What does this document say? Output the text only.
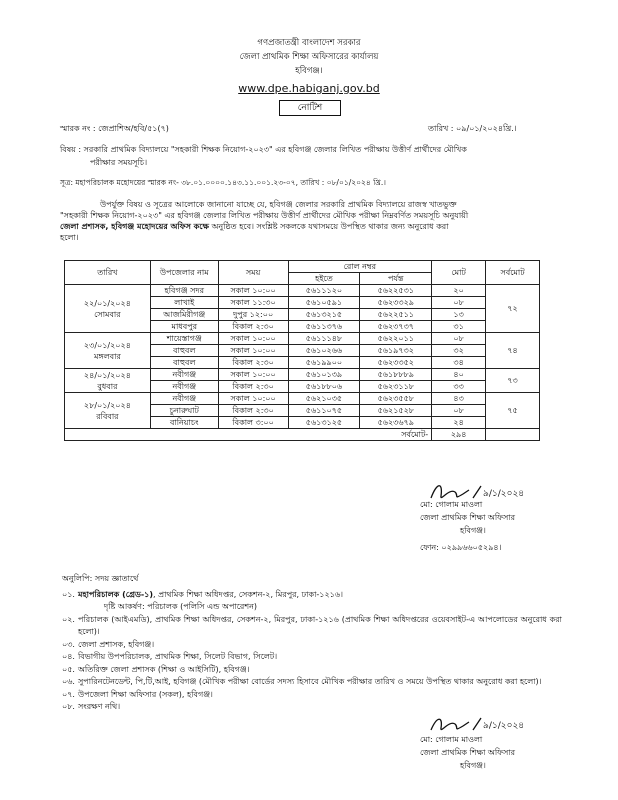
গণপ্রজাতন্ত্রী বাংলাদেশ সরকার
জেলা প্রাথমিক শিক্ষা অফিসারের কার্যালয়
হবিগঞ্জ।
www.dpe.habiganj.gov.bd
নোটিশ
স্মারক নং : জেপ্রাশিঅ/হবি/৫১(৭)	তারিখ : ০৯/০১/২০২৪খ্রি.।
বিষয় : সরকারি প্রাথমিক বিদ্যালয়ে "সহকারী শিক্ষক নিয়োগ-২০২৩" এর হবিগঞ্জ জেলার লিখিত পরীক্ষায় উত্তীর্ণ প্রার্থীদের মৌখিক
পরীক্ষার সময়সূচি।
সূত্র: মহাপরিচালক মহোদয়ের স্মারক নং- ৩৮.০১.০০০০.১৪৩.১১.০০১.২৩-০৭, তারিখ : ০৮/০১/২০২৪ খ্রি.।
উপর্যুক্ত বিষয় ও সূত্রের আলোকে জানানো যাচ্ছে যে, হবিগঞ্জ জেলার সরকারি প্রাথমিক বিদ্যালয়ে রাজস্ব খাতভুক্ত
"সহকারী শিক্ষক নিয়োগ-২০২৩" এর হবিগঞ্জ জেলার লিখিত পরীক্ষায় উত্তীর্ণ প্রার্থীদের মৌখিক পরীক্ষা নিম্নবর্ণিত সময়সূচি অনুযায়ী
জেলা প্রশাসক, হবিগঞ্জ মহোদয়ের অফিস কক্ষে অনুষ্ঠিত হবে। সংশ্লিষ্ট সকলকে যথাসময়ে উপস্থিত থাকার জন্য অনুরোধ করা
হলো।
তারিখ	উপজেলার নাম	সময়	রোল নম্বর		মোট	সর্বমোট
			হইতে	পর্যন্ত		

২২/০১/২০২৪
সোমবার	হবিগঞ্জ সদর	সকাল ১০:০০	৫৬১১১২০	৫৬২২৫৩১	২০	৭২
	লাখাই	সকাল ১১:৩০	৫৬১০৫৯১	৫৬২৩৩২৯	০৮	
	আজমিরীগঞ্জ	দুপুর ১২:০০	৫৬১৩২১৫	৫৬২২৫১১	১৩	
	মাধবপুর	বিকাল ২:৩০	৫৬১১৩৭৬	৫৬২৩৭৩৭	৩১	

২৩/০১/২০২৪
মঙ্গলবার	শায়েস্তাগঞ্জ	সকাল ১০:০০	৫৬১১১৪৮	৫৬২২০১১	০৮	৭৪
	বাহুবল	সকাল ১০:০০	৫৬১০২৬৬	৫৬১৯৭৩২	৩২	
	বাহুবল	বিকাল ২:৩০	৫৬১৯৯০০	৫৬২৩৩৫২	৩৪	

২৪/০১/২০২৪
বুধবার	নবীগঞ্জ	সকাল ১০:০০	৫৬১০১৩৯	৫৬১৮৮৮৯	৪০	৭৩
	নবীগঞ্জ	বিকাল ২:৩০	৫৬১৮৮০৬	৫৬২৩১১৮	৩৩	

২৮/০১/২০২৪
রবিবার	নবীগঞ্জ	সকাল ১০:০০	৫৬২১০৩৫	৫৬২৩৫৫৮	৪৩	৭৫
	চুনারুঘাট	বিকাল ২:৩০	৫৬১১০৭৫	৫৬২১৫২৮	০৮	
	বানিয়াচং	বিকাল ৩:০০	৫৬১৩১২৫	৫৬২৩৬৭৯	২৪	
সর্বমোট-					২৯৪	
৯/১/২০২৪
মো: গোলাম মাওলা
জেলা প্রাথমিক শিক্ষা অফিসার
হবিগঞ্জ।
ফোন: ০২৯৯৬৬০৫২৯৪।
অনুলিপি: সদয় জ্ঞাতার্থে
০১. মহাপরিচালক (গ্রেড-১), প্রাথমিক শিক্ষা অধিদপ্তর, সেকশন-২, মিরপুর, ঢাকা-১২১৬।
দৃষ্টি আকর্ষণ: পরিচালক (পলিসি এন্ড অপারেশন)
০২. পরিচালক (আইএমডি), প্রাথমিক শিক্ষা অধিদপ্তর, সেকশন-২, মিরপুর, ঢাকা-১২১৬ (প্রাথমিক শিক্ষা অধিদপ্তরের ওয়েবসাইট-এ আপলোডের অনুরোধ করা হলো)।
০৩. জেলা প্রশাসক, হবিগঞ্জ।
০৪. বিভাগীয় উপপরিচালক, প্রাথমিক শিক্ষা, সিলেট বিভাগ, সিলেট।
০৫. অতিরিক্ত জেলা প্রশাসক (শিক্ষা ও আইসিটি), হবিগঞ্জ।
০৬. সুপারিনটেনডেন্ট, পি,টি,আই, হবিগঞ্জ (মৌখিক পরীক্ষা বোর্ডের সদস্য হিসাবে মৌখিক পরীক্ষার তারিখ ও সময়ে উপস্থিত থাকার অনুরোধ করা হলো)।
০৭. উপজেলা শিক্ষা অফিসার (সকল), হবিগঞ্জ।
০৮. সংরক্ষণ নথি।
৯/১/২০২৪
মো: গোলাম মাওলা
জেলা প্রাথমিক শিক্ষা অফিসার
হবিগঞ্জ।
